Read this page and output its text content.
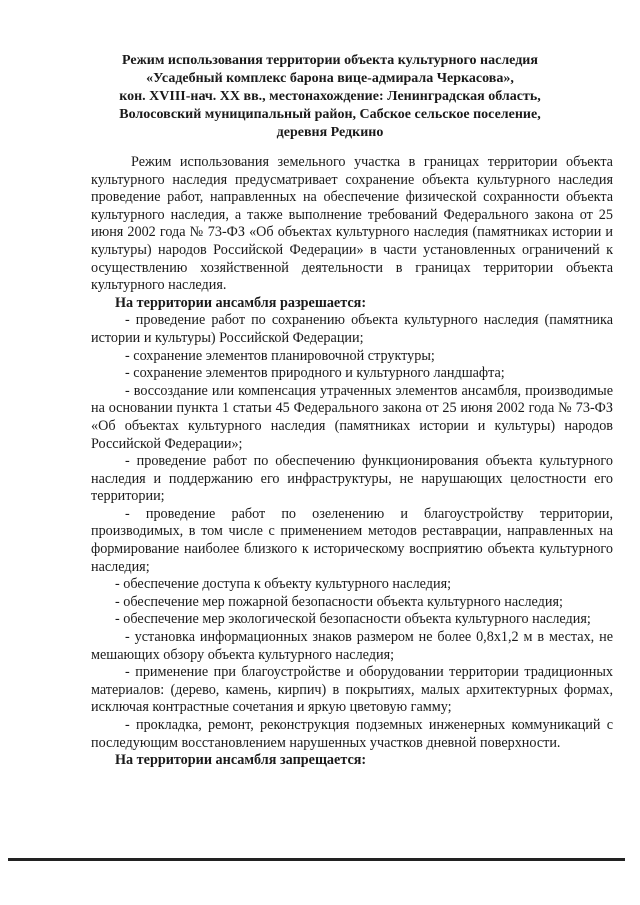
Режим использования территории объекта культурного наследия
«Усадебный комплекс барона вице-адмирала Черкасова»,
кон. XVIII-нач. XX вв., местонахождение: Ленинградская область,
Волосовский муниципальный район, Сабское сельское поселение,
деревня Редкино

Режим использования земельного участка в границах территории объекта культурного наследия предусматривает сохранение объекта культурного наследия проведение работ, направленных на обеспечение физической сохранности объекта культурного наследия, а также выполнение требований Федерального закона от 25 июня 2002 года № 73-ФЗ «Об объектах культурного наследия (памятниках истории и культуры) народов Российской Федерации» в части установленных ограничений к осуществлению хозяйственной деятельности в границах территории объекта культурного наследия.

На территории ансамбля разрешается:

- проведение работ по сохранению объекта культурного наследия (памятника истории и культуры) Российской Федерации;

- сохранение элементов планировочной структуры;

- сохранение элементов природного и культурного ландшафта;

- воссоздание или компенсация утраченных элементов ансамбля, производимые на основании пункта 1 статьи 45 Федерального закона от 25 июня 2002 года № 73-ФЗ «Об объектах культурного наследия (памятниках истории и культуры) народов Российской Федерации»;

- проведение работ по обеспечению функционирования объекта культурного наследия и поддержанию его инфраструктуры, не нарушающих целостности его территории;

- проведение работ по озеленению и благоустройству территории, производимых, в том числе с применением методов реставрации, направленных на формирование наиболее близкого к историческому восприятию объекта культурного наследия;

- обеспечение доступа к объекту культурного наследия;

- обеспечение мер пожарной безопасности объекта культурного наследия;

- обеспечение мер экологической безопасности объекта культурного наследия;

- установка информационных знаков размером не более 0,8х1,2 м в местах, не мешающих обзору объекта культурного наследия;

- применение при благоустройстве и оборудовании территории традиционных материалов: (дерево, камень, кирпич) в покрытиях, малых архитектурных формах, исключая контрастные сочетания и яркую цветовую гамму;

- прокладка, ремонт, реконструкция подземных инженерных коммуникаций с последующим восстановлением нарушенных участков дневной поверхности.

На территории ансамбля запрещается:
